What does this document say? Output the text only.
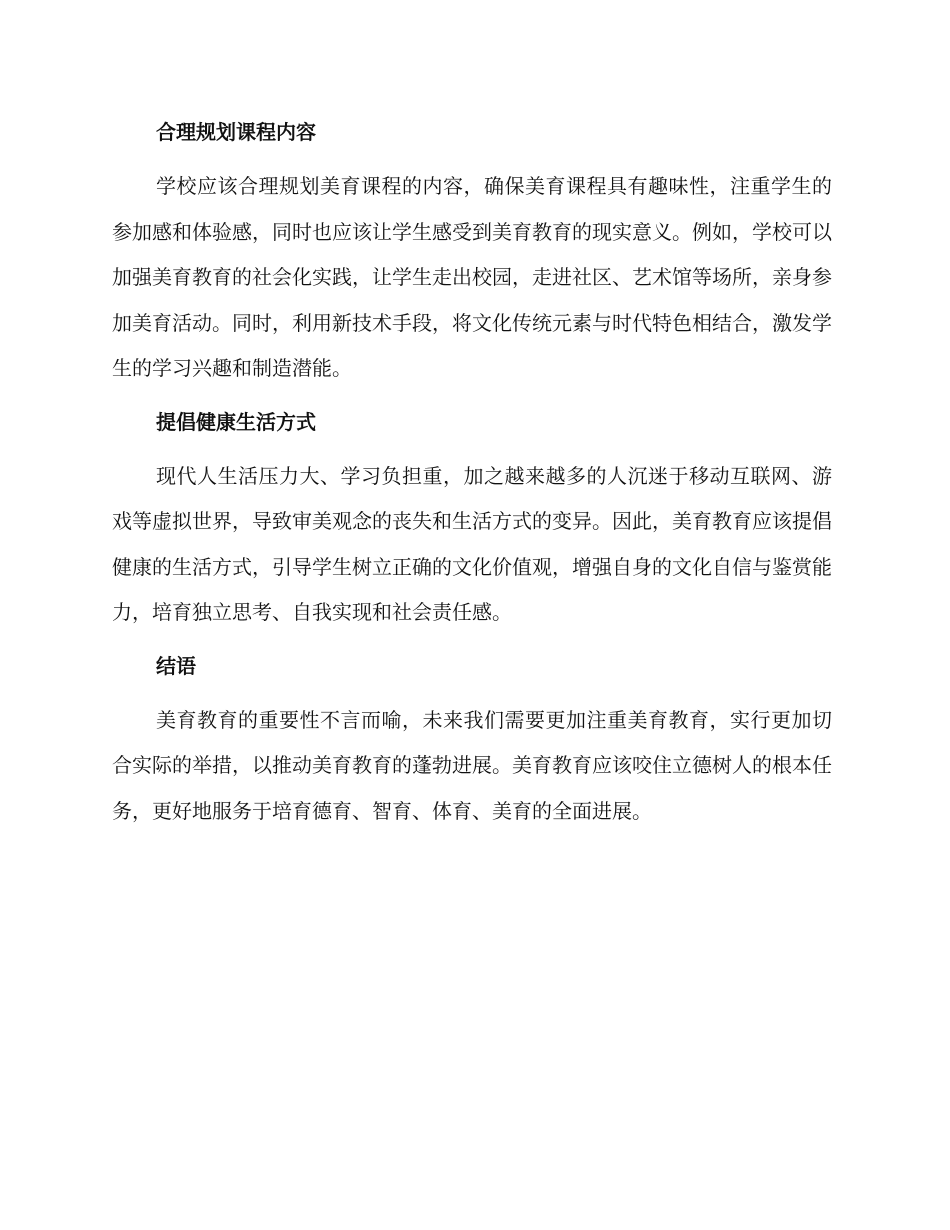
合理规划课程内容

学校应该合理规划美育课程的内容，确保美育课程具有趣味性，注重学生的参加感和体验感，同时也应该让学生感受到美育教育的现实意义。例如，学校可以加强美育教育的社会化实践，让学生走出校园，走进社区、艺术馆等场所，亲身参加美育活动。同时，利用新技术手段，将文化传统元素与时代特色相结合，激发学生的学习兴趣和制造潜能。

提倡健康生活方式

现代人生活压力大、学习负担重，加之越来越多的人沉迷于移动互联网、游戏等虚拟世界，导致审美观念的丧失和生活方式的变异。因此，美育教育应该提倡健康的生活方式，引导学生树立正确的文化价值观，增强自身的文化自信与鉴赏能力，培育独立思考、自我实现和社会责任感。

结语

美育教育的重要性不言而喻，未来我们需要更加注重美育教育，实行更加切合实际的举措，以推动美育教育的蓬勃进展。美育教育应该咬住立德树人的根本任务，更好地服务于培育德育、智育、体育、美育的全面进展。
